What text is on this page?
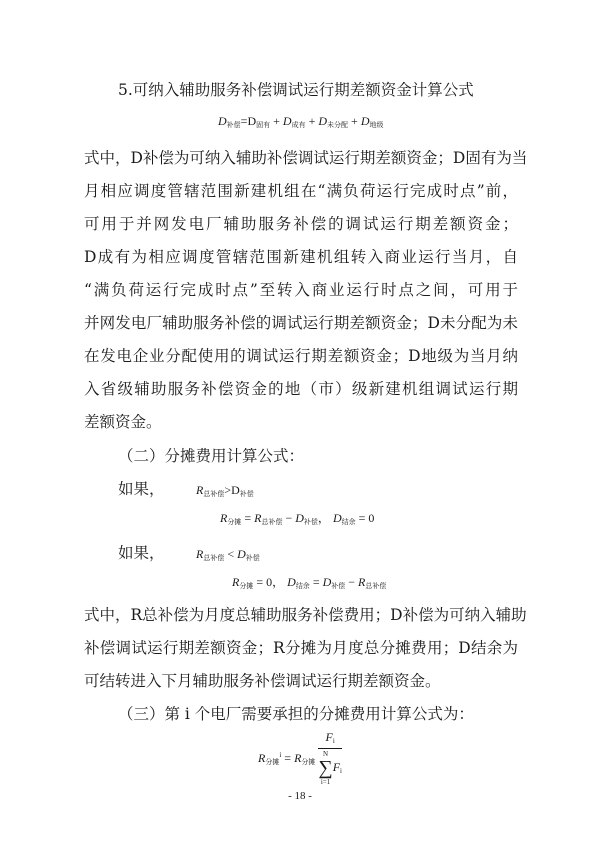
5.可纳入辅助服务补偿调试运行期差额资金计算公式
$D_{补偿}=D_{固有} + D_{成有} + D_{未分配} + D_{地级}$
式中，D补偿为可纳入辅助补偿调试运行期差额资金；D固有为当
月相应调度管辖范围新建机组在“满负荷运行完成时点”前，
可用于并网发电厂辅助服务补偿的调试运行期差额资金；
D成有为相应调度管辖范围新建机组转入商业运行当月，自
“满负荷运行完成时点”至转入商业运行时点之间，可用于
并网发电厂辅助服务补偿的调试运行期差额资金；D未分配为未
在发电企业分配使用的调试运行期差额资金；D地级为当月纳
入省级辅助服务补偿资金的地（市）级新建机组调试运行期
差额资金。
（二）分摊费用计算公式：
如果，	$R_{总补偿}>D_{补偿}$
$R_{分摊} = R_{总补偿} - D_{补偿}$， $D_{结余} = 0$
如果，	$R_{总补偿} < D_{补偿}$
$R_{分摊} = 0$， $D_{结余} = D_{补偿} - R_{总补偿}$
式中，R总补偿为月度总辅助服务补偿费用；D补偿为可纳入辅助
补偿调试运行期差额资金；R分摊为月度总分摊费用；D结余为
可结转进入下月辅助服务补偿调试运行期差额资金。
（三）第 i 个电厂需要承担的分摊费用计算公式为：
$R_{分摊}^i = R_{分摊}$ $F_i$
N
∑
$i=1F_i$
- 18 -
